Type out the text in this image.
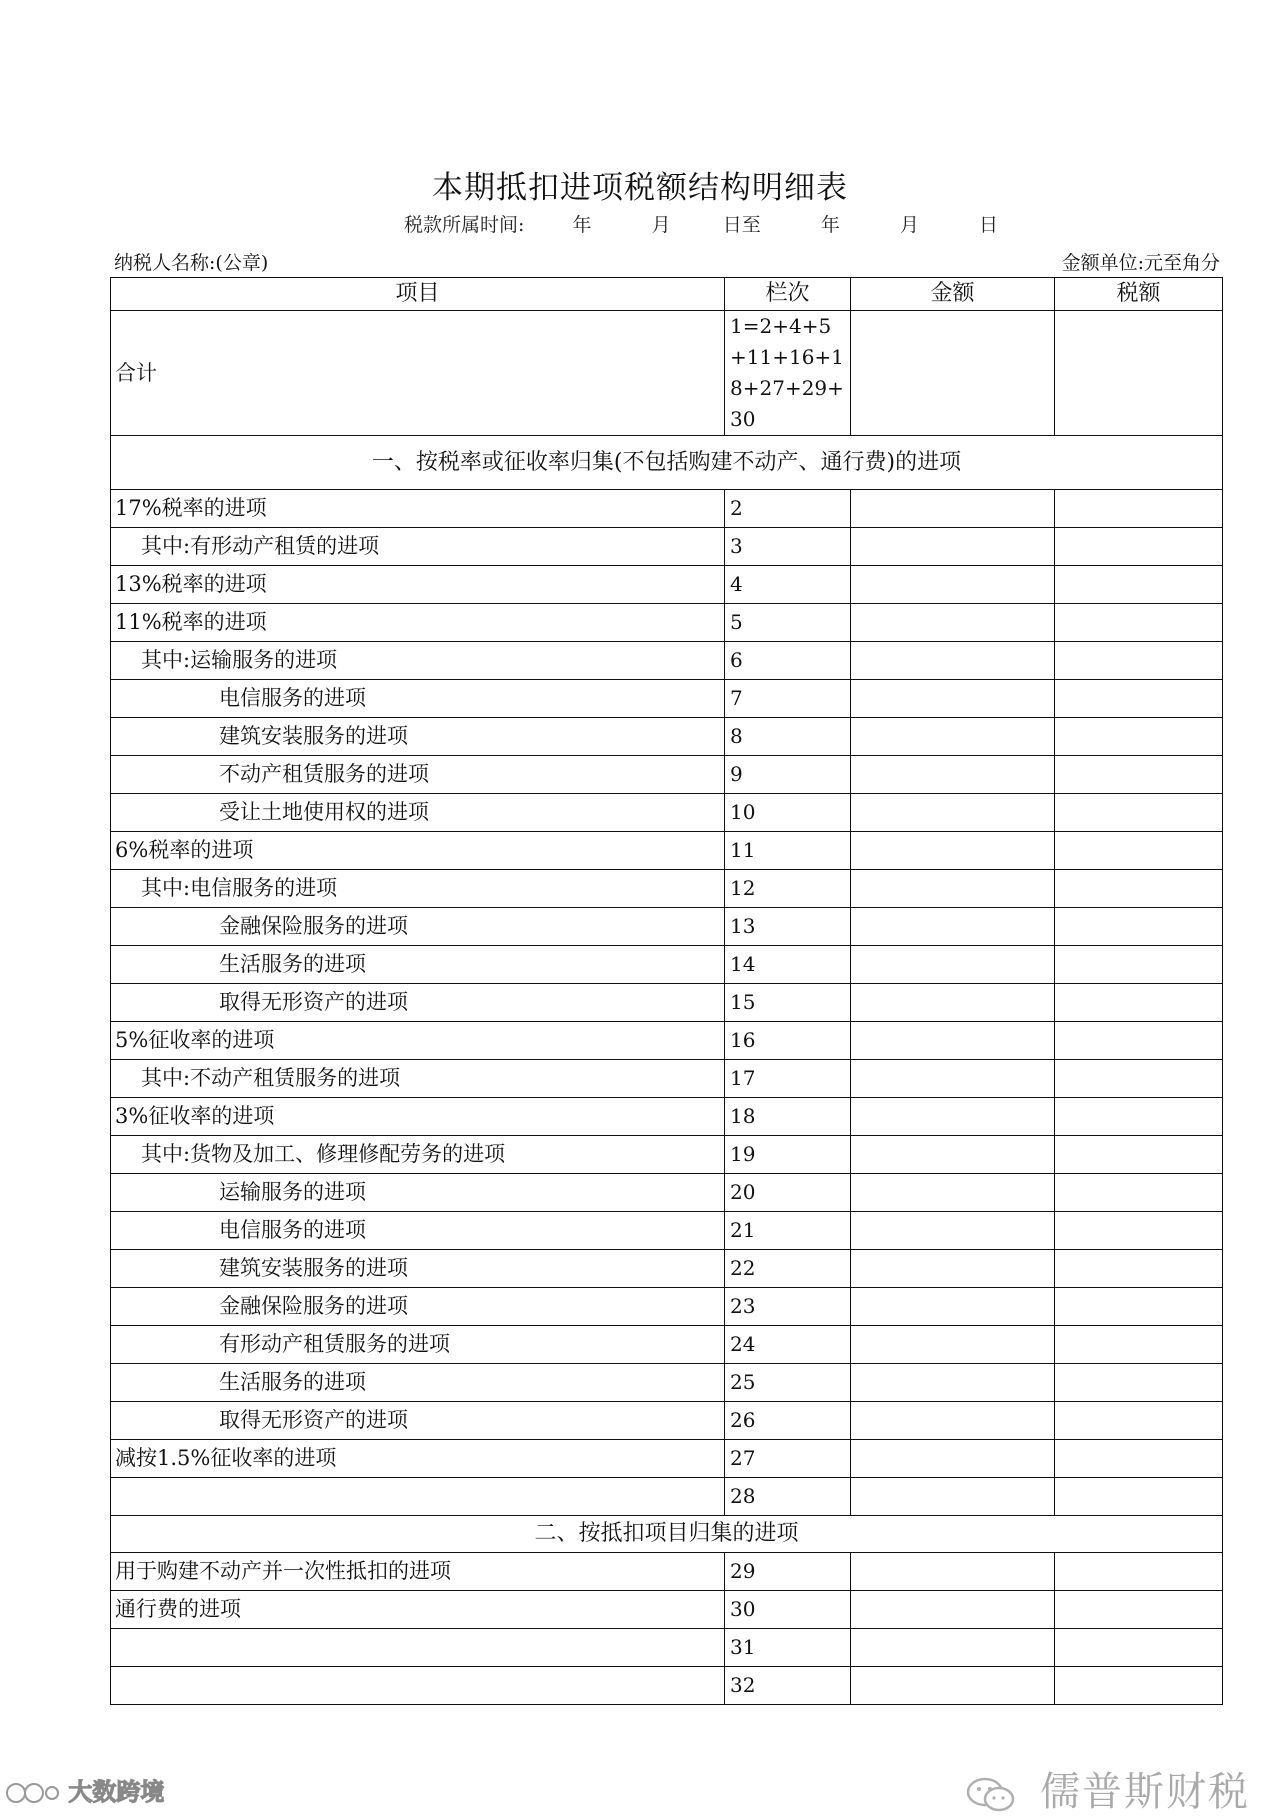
本期抵扣进项税额结构明细表
税款所属时间:	年	月	日至	年	月	日
纳税人名称:(公章)	金额单位:元至角分
项目	栏次	金额	税额
合计	1=2+4+5+11+16+18+27+29+30		
一、按税率或征收率归集(不包括购建不动产、通行费)的进项			
17%税率的进项	2		
其中:有形动产租赁的进项	3		
13%税率的进项	4		
11%税率的进项	5		
其中:运输服务的进项	6		
电信服务的进项	7		
建筑安装服务的进项	8		
不动产租赁服务的进项	9		
受让土地使用权的进项	10		
6%税率的进项	11		
其中:电信服务的进项	12		
金融保险服务的进项	13		
生活服务的进项	14		
取得无形资产的进项	15		
5%征收率的进项	16		
其中:不动产租赁服务的进项	17		
3%征收率的进项	18		
其中:货物及加工、修理修配劳务的进项	19		
运输服务的进项	20		
电信服务的进项	21		
建筑安装服务的进项	22		
金融保险服务的进项	23		
有形动产租赁服务的进项	24		
生活服务的进项	25		
取得无形资产的进项	26		
减按1.5%征收率的进项	27		
	28		
二、按抵扣项目归集的进项			
用于购建不动产并一次性抵扣的进项	29		
通行费的进项	30		
	31		
	32		
儒普斯财税
大数跨境
